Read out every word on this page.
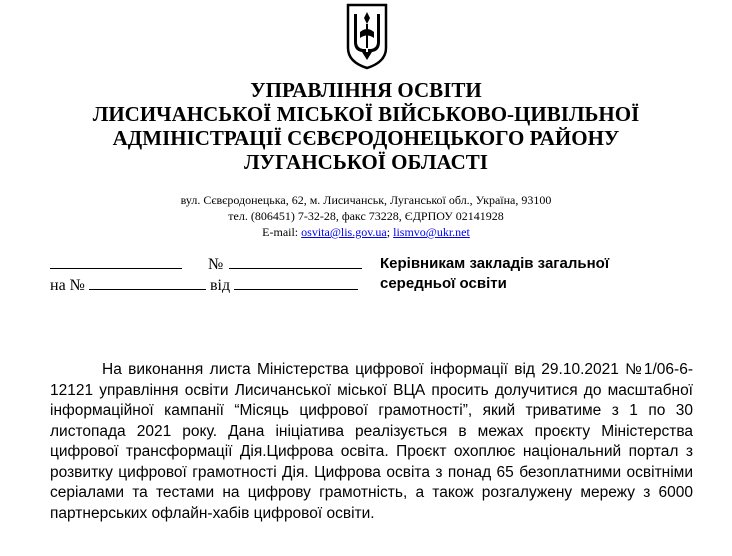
УПРАВЛІННЯ ОСВІТИ
ЛИСИЧАНСЬКОЇ МІСЬКОЇ ВІЙСЬКОВО-ЦИВІЛЬНОЇ
АДМІНІСТРАЦІЇ СЄВЄРОДОНЕЦЬКОГО РАЙОНУ
ЛУГАНСЬКОЇ ОБЛАСТІ
вул. Сєвєродонецька, 62, м. Лисичанськ, Луганської обл., Україна, 93100
тел. (806451) 7-32-28, факс 73228, ЄДРПОУ 02141928
E-mail: osvita@lis.gov.ua; lismvo@ukr.net
№
на №	від
Керівникам закладів загальної
середньої освіти
На виконання листа Міністерства цифрової інформації від 29.10.2021 №1/06-6-12121 управління освіти Лисичанської міської ВЦА просить долучитися до масштабної інформаційної кампанії “Місяць цифрової грамотності”, який триватиме з 1 по 30 листопада 2021 року. Дана ініціатива реалізується в межах проєкту Міністерства цифрової трансформації Дія.Цифрова освіта. Проєкт охоплює національний портал з розвитку цифрової грамотності Дія. Цифрова освіта з понад 65 безоплатними освітніми серіалами та тестами на цифрову грамотність, а також розгалужену мережу з 6000 партнерських офлайн-хабів цифрової освіти.
